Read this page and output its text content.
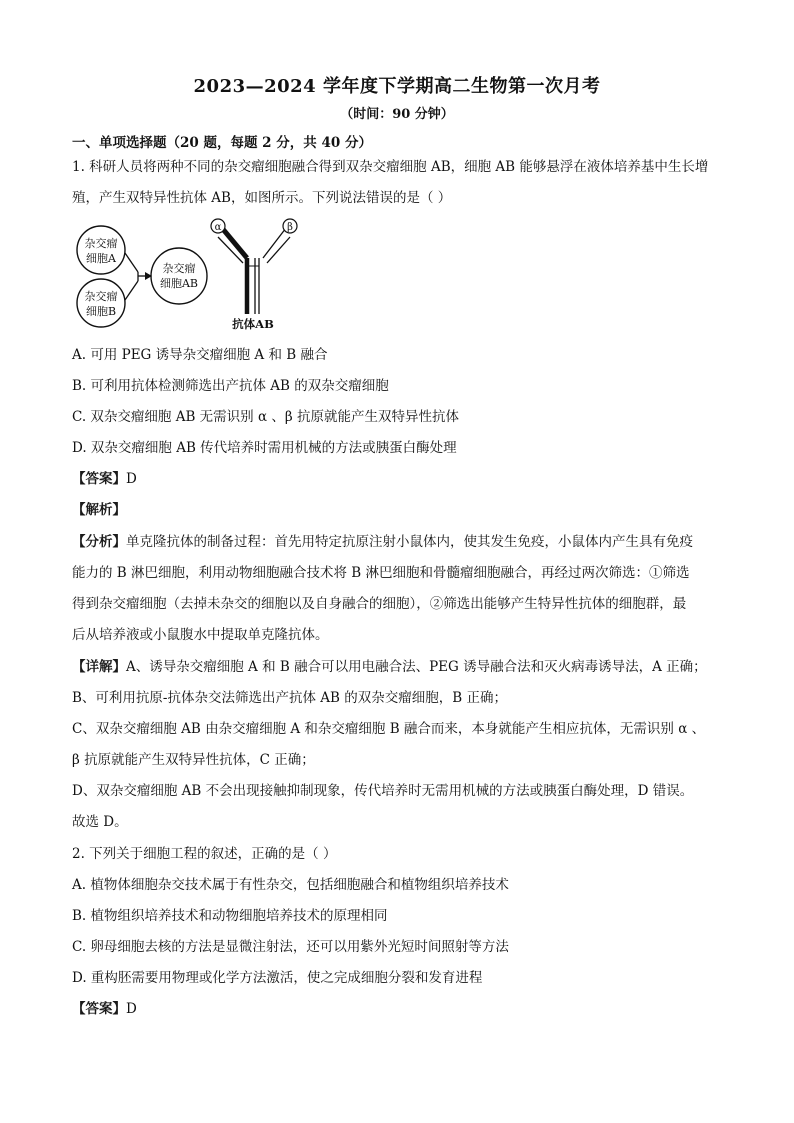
2023—2024 学年度下学期高二生物第一次月考
（时间：90 分钟）
一、单项选择题（20 题，每题 2 分，共 40 分）
1. 科研人员将两种不同的杂交瘤细胞融合得到双杂交瘤细胞 AB，细胞 AB 能够悬浮在液体培养基中生长增
殖，产生双特异性抗体 AB，如图所示。下列说法错误的是（ ）
杂交瘤
细胞A
杂交瘤
细胞B
杂交瘤
细胞AB
α	β
抗体AB
A. 可用 PEG 诱导杂交瘤细胞 A 和 B 融合
B. 可利用抗体检测筛选出产抗体 AB 的双杂交瘤细胞
C. 双杂交瘤细胞 AB 无需识别 α 、β 抗原就能产生双特异性抗体
D. 双杂交瘤细胞 AB 传代培养时需用机械的方法或胰蛋白酶处理
【答案】D
【解析】
【分析】单克隆抗体的制备过程：首先用特定抗原注射小鼠体内，使其发生免疫，小鼠体内产生具有免疫
能力的 B 淋巴细胞，利用动物细胞融合技术将 B 淋巴细胞和骨髓瘤细胞融合，再经过两次筛选：①筛选
得到杂交瘤细胞（去掉未杂交的细胞以及自身融合的细胞），②筛选出能够产生特异性抗体的细胞群，最
后从培养液或小鼠腹水中提取单克隆抗体。
【详解】A、诱导杂交瘤细胞 A 和 B 融合可以用电融合法、PEG 诱导融合法和灭火病毒诱导法，A 正确；
B、可利用抗原-抗体杂交法筛选出产抗体 AB 的双杂交瘤细胞，B 正确；
C、双杂交瘤细胞 AB 由杂交瘤细胞 A 和杂交瘤细胞 B 融合而来，本身就能产生相应抗体，无需识别 α 、
β 抗原就能产生双特异性抗体，C 正确；
D、双杂交瘤细胞 AB 不会出现接触抑制现象，传代培养时无需用机械的方法或胰蛋白酶处理，D 错误。
故选 D。
2. 下列关于细胞工程的叙述，正确的是（ ）
A. 植物体细胞杂交技术属于有性杂交，包括细胞融合和植物组织培养技术
B. 植物组织培养技术和动物细胞培养技术的原理相同
C. 卵母细胞去核的方法是显微注射法，还可以用紫外光短时间照射等方法
D. 重构胚需要用物理或化学方法激活，使之完成细胞分裂和发育进程
【答案】D
